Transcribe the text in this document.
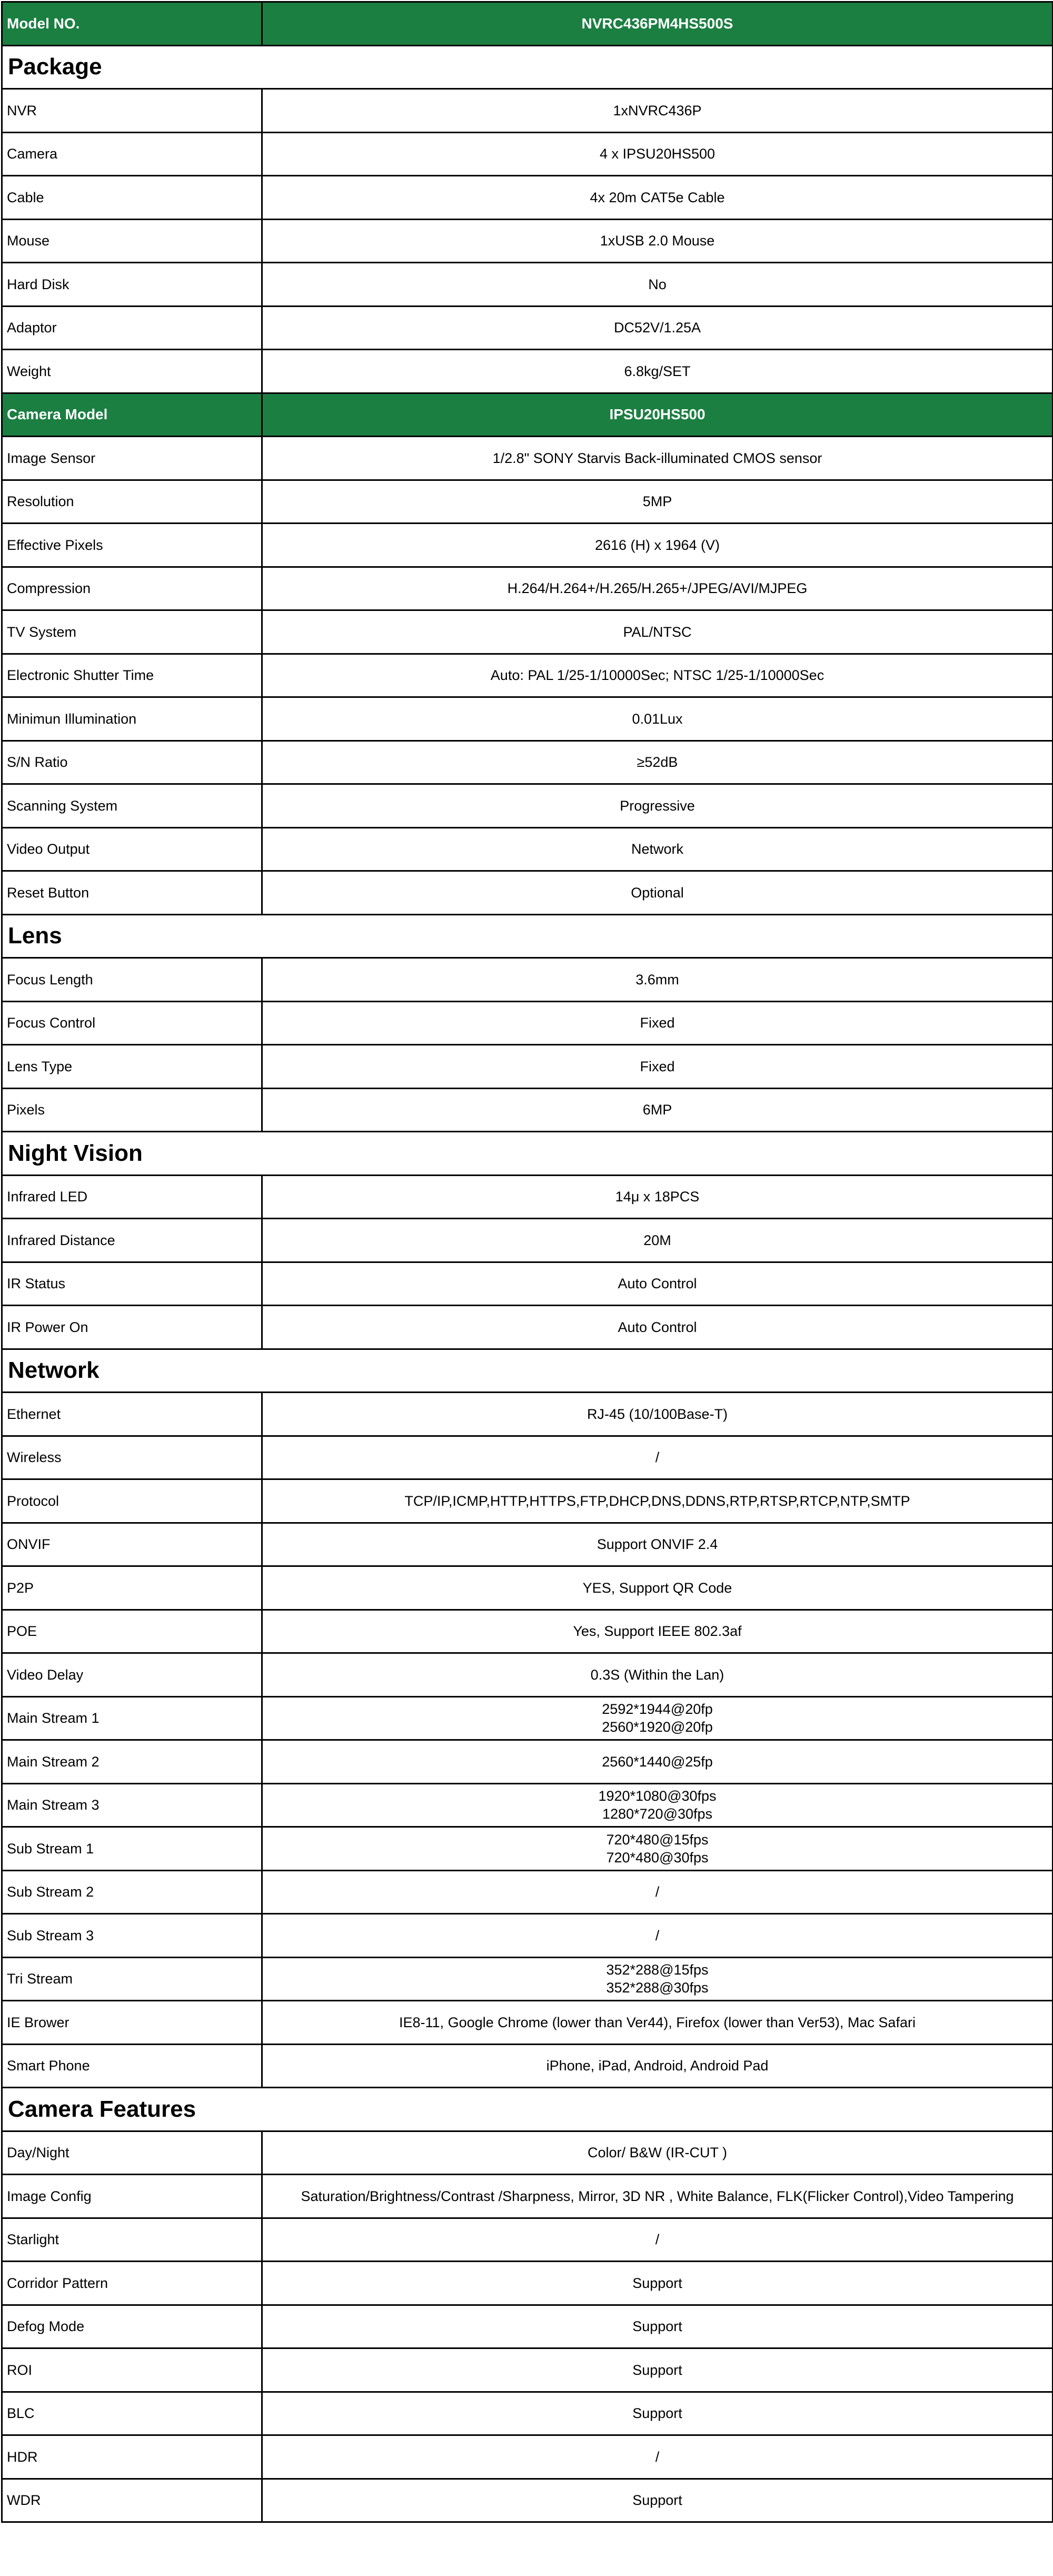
Model NO.	NVRC436PM4HS500S
Package	
NVR	1xNVRC436P
Camera	4 x IPSU20HS500
Cable	4x 20m CAT5e Cable
Mouse	1xUSB 2.0 Mouse
Hard Disk	No
Adaptor	DC52V/1.25A
Weight	6.8kg/SET
Camera Model	IPSU20HS500
Image Sensor	1/2.8" SONY Starvis Back-illuminated CMOS sensor
Resolution	5MP
Effective Pixels	2616 (H) x 1964 (V)
Compression	H.264/H.264+/H.265/H.265+/JPEG/AVI/MJPEG
TV System	PAL/NTSC
Electronic Shutter Time	Auto: PAL 1/25-1/10000Sec; NTSC 1/25-1/10000Sec
Minimun Illumination	0.01Lux
S/N Ratio	≥52dB
Scanning System	Progressive
Video Output	Network
Reset Button	Optional
Lens	
Focus Length	3.6mm
Focus Control	Fixed
Lens Type	Fixed
Pixels	6MP
Night Vision	
Infrared LED	14μ x 18PCS
Infrared Distance	20M
IR Status	Auto Control
IR Power On	Auto Control
Network	
Ethernet	RJ-45 (10/100Base-T)
Wireless	/
Protocol	TCP/IP,ICMP,HTTP,HTTPS,FTP,DHCP,DNS,DDNS,RTP,RTSP,RTCP,NTP,SMTP
ONVIF	Support ONVIF 2.4
P2P	YES, Support QR Code
POE	Yes, Support IEEE 802.3af
Video Delay	0.3S (Within the Lan)
Main Stream 1	2592*1944@20fp
2560*1920@20fp

Main Stream 2	2560*1440@25fp
Main Stream 3	1920*1080@30fps
1280*720@30fps

Sub Stream 1	720*480@15fps
720*480@30fps

Sub Stream 2	/
Sub Stream 3	/
Tri Stream	352*288@15fps
352*288@30fps

IE Brower	IE8-11, Google Chrome (lower than Ver44), Firefox (lower than Ver53), Mac Safari
Smart Phone	iPhone, iPad, Android, Android Pad
Camera Features	
Day/Night	Color/ B&W (IR-CUT )
Image Config	Saturation/Brightness/Contrast /Sharpness, Mirror, 3D NR , White Balance, FLK(Flicker Control),Video Tampering
Starlight	/
Corridor Pattern	Support
Defog Mode	Support
ROI	Support
BLC	Support
HDR	/
WDR	Support
